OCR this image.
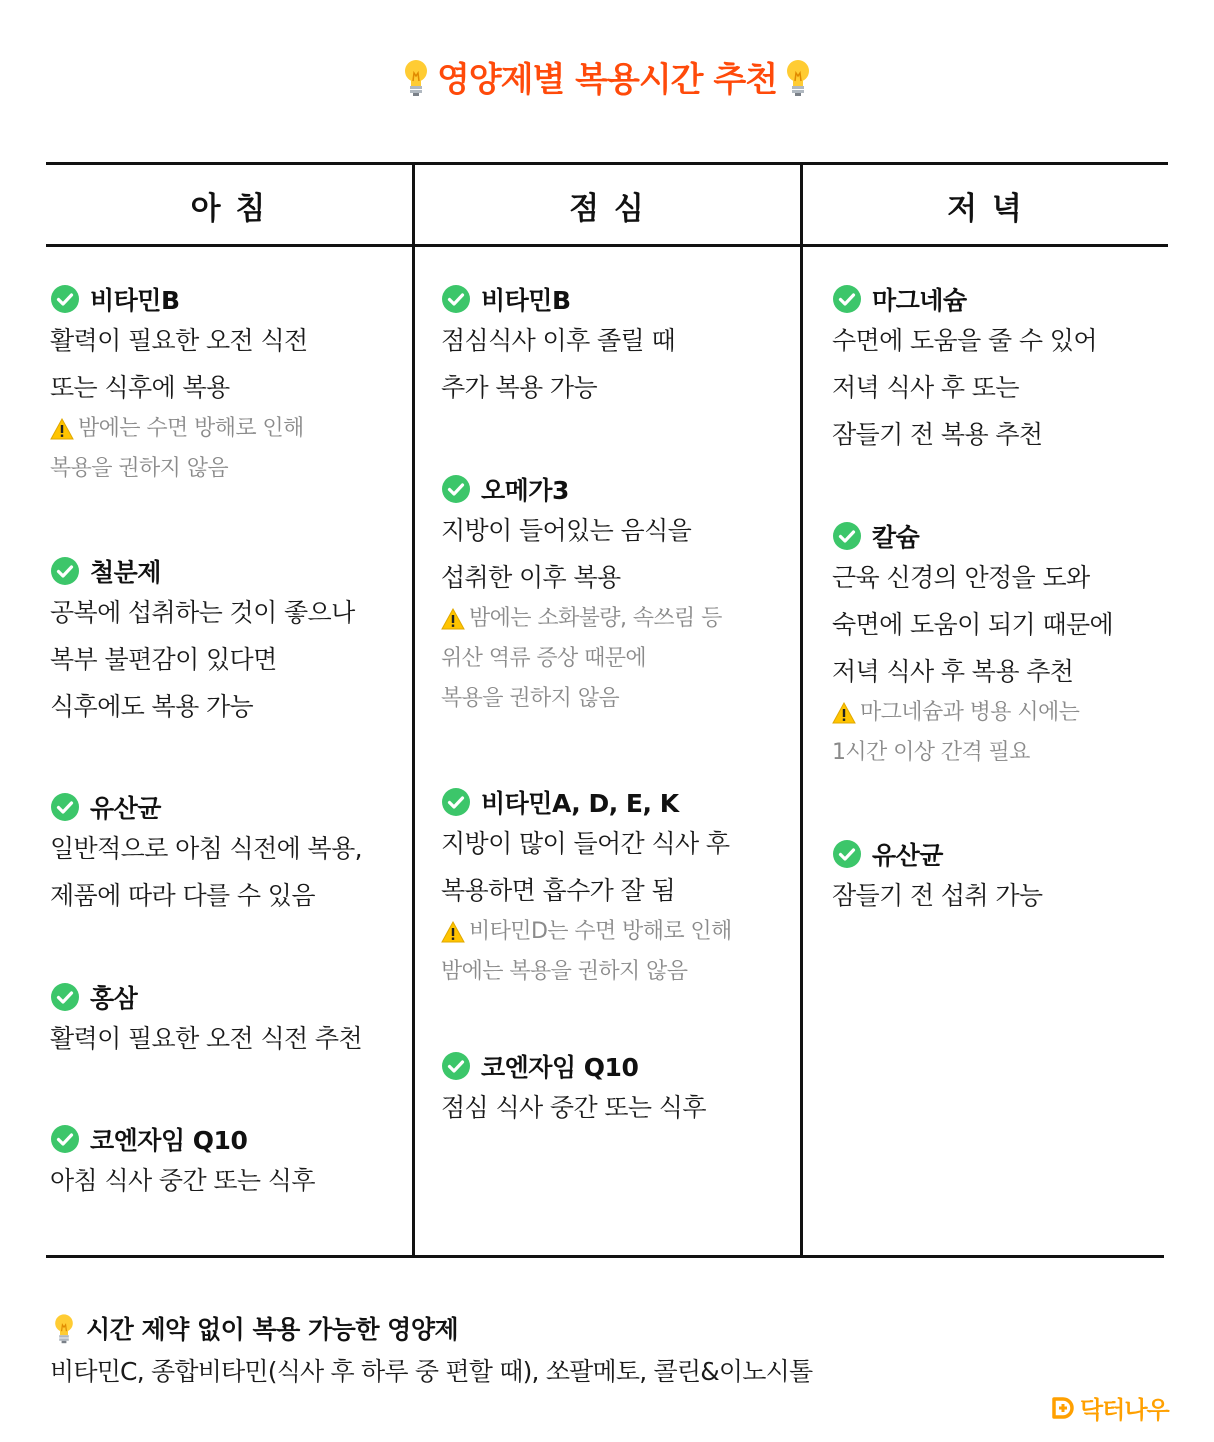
영양제별 복용시간 추천
아 침	점 심	저 녁
비타민B
활력이 필요한 오전 식전
또는 식후에 복용
밤에는 수면 방해로 인해
복용을 권하지 않음
철분제
공복에 섭취하는 것이 좋으나
복부 불편감이 있다면
식후에도 복용 가능
유산균
일반적으로 아침 식전에 복용,
제품에 따라 다를 수 있음
홍삼
활력이 필요한 오전 식전 추천
코엔자임 Q10
아침 식사 중간 또는 식후
비타민B
점심식사 이후 졸릴 때
추가 복용 가능
오메가3
지방이 들어있는 음식을
섭취한 이후 복용
밤에는 소화불량, 속쓰림 등
위산 역류 증상 때문에
복용을 권하지 않음
비타민A, D, E, K
지방이 많이 들어간 식사 후
복용하면 흡수가 잘 됨
비타민D는 수면 방해로 인해
밤에는 복용을 권하지 않음
코엔자임 Q10
점심 식사 중간 또는 식후
마그네슘
수면에 도움을 줄 수 있어
저녁 식사 후 또는
잠들기 전 복용 추천
칼슘
근육 신경의 안정을 도와
숙면에 도움이 되기 때문에
저녁 식사 후 복용 추천
마그네슘과 병용 시에는
1시간 이상 간격 필요
유산균
잠들기 전 섭취 가능
시간 제약 없이 복용 가능한 영양제
비타민C, 종합비타민(식사 후 하루 중 편할 때), 쏘팔메토, 콜린&이노시톨
닥터나우
